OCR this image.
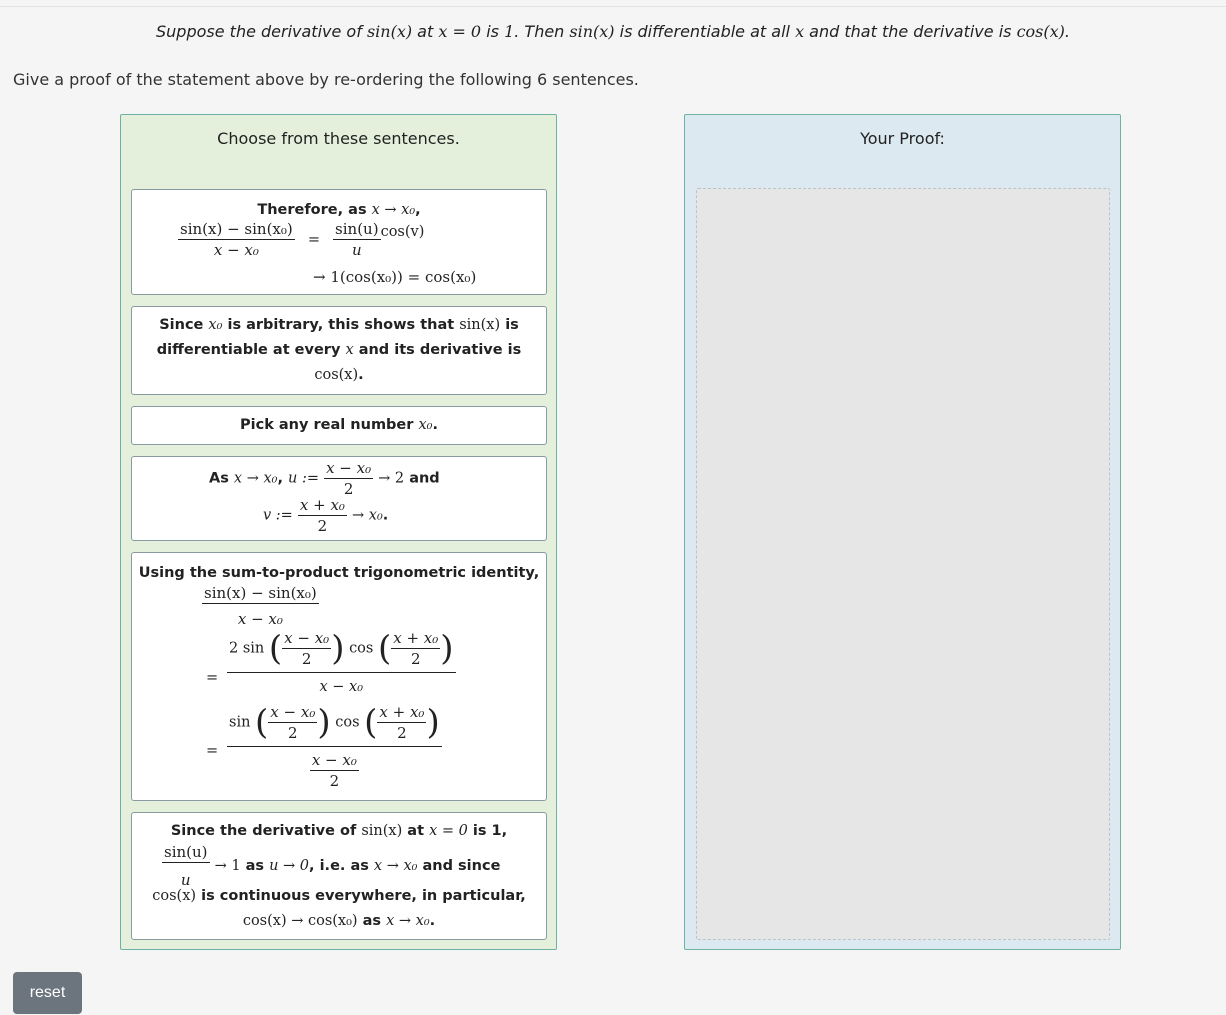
Suppose the derivative of sin(x) at x = 0 is 1. Then sin(x) is differentiable at all x and that the derivative is cos(x).
Give a proof of the statement above by re-ordering the following 6 sentences.
Choose from these sentences.
Therefore, as x → x₀,
$\frac{\text{sin(x) − sin(x₀)}}{\text{x − x₀}} = \frac{\sin(u)}{u} \cos(v)$
→ 1(cos(x₀)) = cos(x₀)
Since x₀ is arbitrary, this shows that sin(x) is
differentiable at every x and its derivative is
cos(x).
Pick any real number x₀.
As x → x₀, u := $\frac{\text{x − x₀}}{2} \to 2$ and
v := $\frac{\text{x + x₀}}{2} \to x_0$.
Using the sum-to-product trigonometric identity,
$\frac{\text{sin(x) − sin(x₀)}}{\text{x − x₀}}$
=
2 sin ( $\frac{\text{x − x₀}}{2}$ ) cos ( $\frac{\text{x + x₀}}{2}$ )
x − x₀
=
sin ( $\frac{\text{x − x₀}}{2}$ ) cos ( $\frac{\text{x + x₀}}{2}$ )
$\frac{\text{x − x₀}}{2}$
Since the derivative of sin(x) at x = 0 is 1,
$\frac{\sin(u)}{u} \to 1$ as u → 0, i.e. as x → x₀ and since
cos(x) is continuous everywhere, in particular,
cos(x) → cos(x₀) as x → x₀.
Your Proof:
reset
